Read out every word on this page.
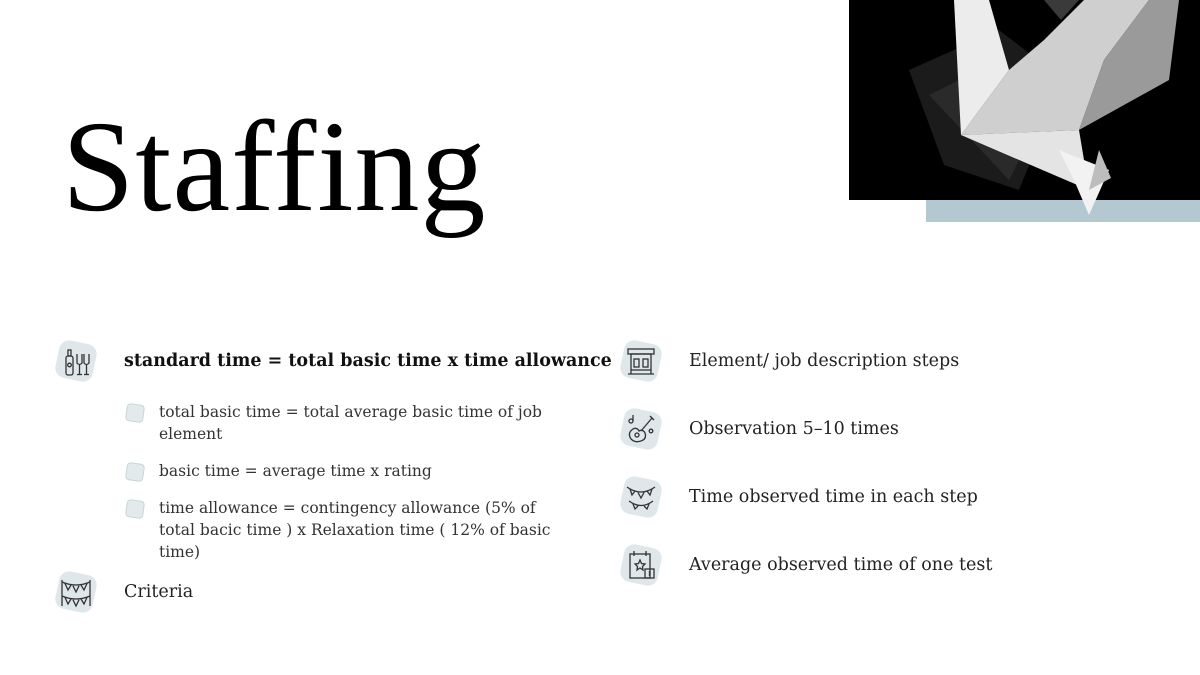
Staffing
standard time = total basic time x time allowance
total basic time = total average basic time of job element
basic time = average time x rating
time allowance = contingency allowance (5% of total bacic time ) x Relaxation time ( 12% of basic time)
Criteria
Element/ job description steps
Observation 5–10 times
Time observed time in each step
Average observed time of one test
